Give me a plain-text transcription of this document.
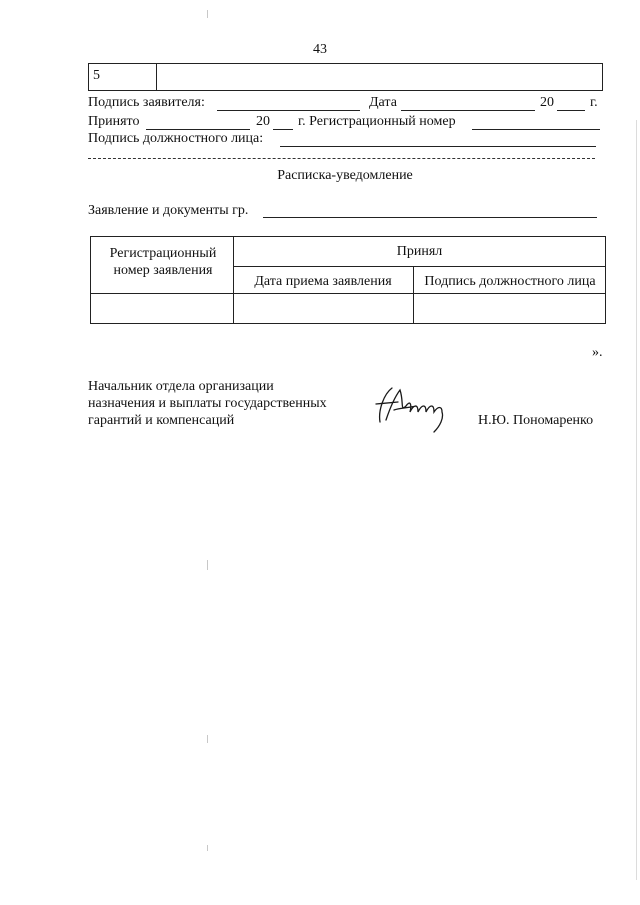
43
5
Подпись заявителя:	Дата	20	г.
Принято	20 г. Регистрационный номер
Подпись должностного лица:
Расписка-уведомление
Заявление и документы гр.
Регистрационный номер заявления
Принял
Дата приема заявления	Подпись должностного лица
».
Начальник отдела организации
назначения и выплаты государственных
гарантий и компенсаций	Н.Ю. Пономаренко
